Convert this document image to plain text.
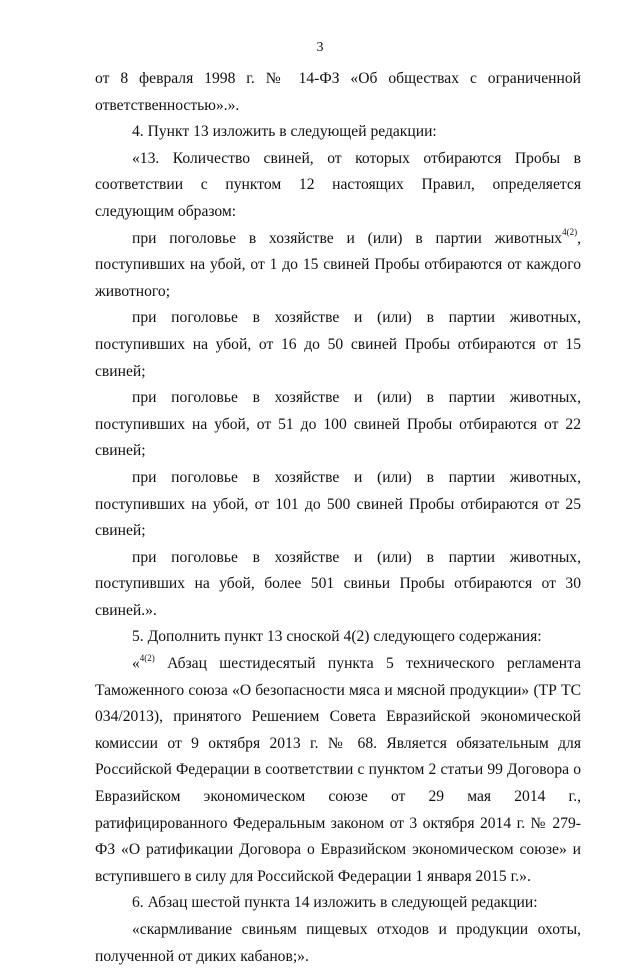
3

от 8 февраля 1998 г. № 14-ФЗ «Об обществах с ограниченной ответственностью».».

4. Пункт 13 изложить в следующей редакции:

«13. Количество свиней, от которых отбираются Пробы в соответствии с пунктом 12 настоящих Правил, определяется следующим образом:

при поголовье в хозяйстве и (или) в партии животных$^{4(2)}$, поступивших на убой, от 1 до 15 свиней Пробы отбираются от каждого животного;

при поголовье в хозяйстве и (или) в партии животных, поступивших на убой, от 16 до 50 свиней Пробы отбираются от 15 свиней;

при поголовье в хозяйстве и (или) в партии животных, поступивших на убой, от 51 до 100 свиней Пробы отбираются от 22 свиней;

при поголовье в хозяйстве и (или) в партии животных, поступивших на убой, от 101 до 500 свиней Пробы отбираются от 25 свиней;

при поголовье в хозяйстве и (или) в партии животных, поступивших на убой, более 501 свиньи Пробы отбираются от 30 свиней.».

5. Дополнить пункт 13 сноской 4(2) следующего содержания:

«$^{4(2)}$ Абзац шестидесятый пункта 5 технического регламента Таможенного союза «О безопасности мяса и мясной продукции» (ТР ТС 034/2013), принятого Решением Совета Евразийской экономической комиссии от 9 октября 2013 г. № 68. Является обязательным для Российской Федерации в соответствии с пунктом 2 статьи 99 Договора о Евразийском экономическом союзе от 29 мая 2014 г., ратифицированного Федеральным законом от 3 октября 2014 г. № 279-ФЗ «О ратификации Договора о Евразийском экономическом союзе» и вступившего в силу для Российской Федерации 1 января 2015 г.».

6. Абзац шестой пункта 14 изложить в следующей редакции:

«скармливание свиньям пищевых отходов и продукции охоты, полученной от диких кабанов;».
